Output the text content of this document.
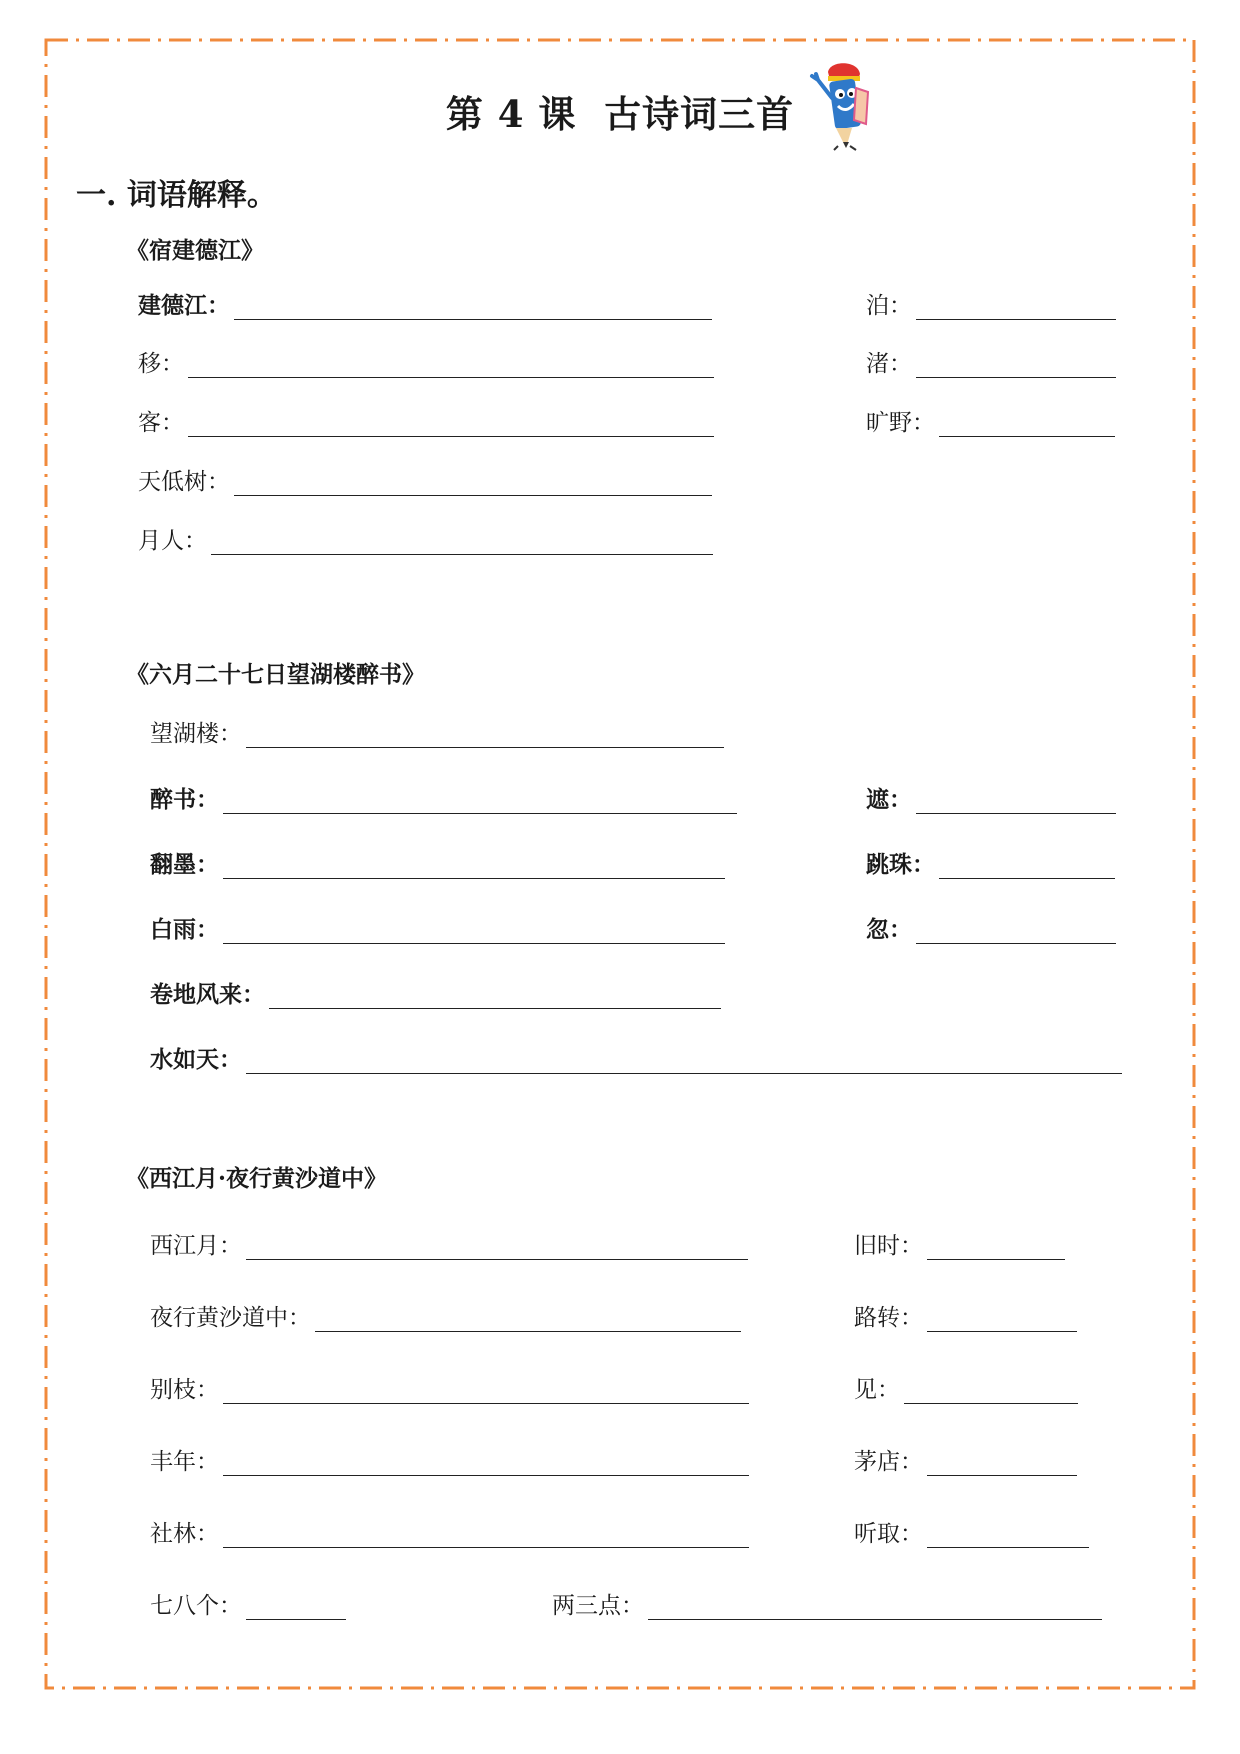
第 4 课 古诗词三首
一. 词语解释。
《宿建德江》
建德江：	泊：
移：	渚：
客：	旷野：
天低树：
月人：
《六月二十七日望湖楼醉书》
望湖楼：
醉书：	遮：
翻墨：	跳珠：
白雨：	忽：
卷地风来：
水如天：
《西江月·夜行黄沙道中》
西江月：	旧时：
夜行黄沙道中：	路转：
别枝：	见：
丰年：	茅店：
社林：	听取：
七八个：	两三点：
